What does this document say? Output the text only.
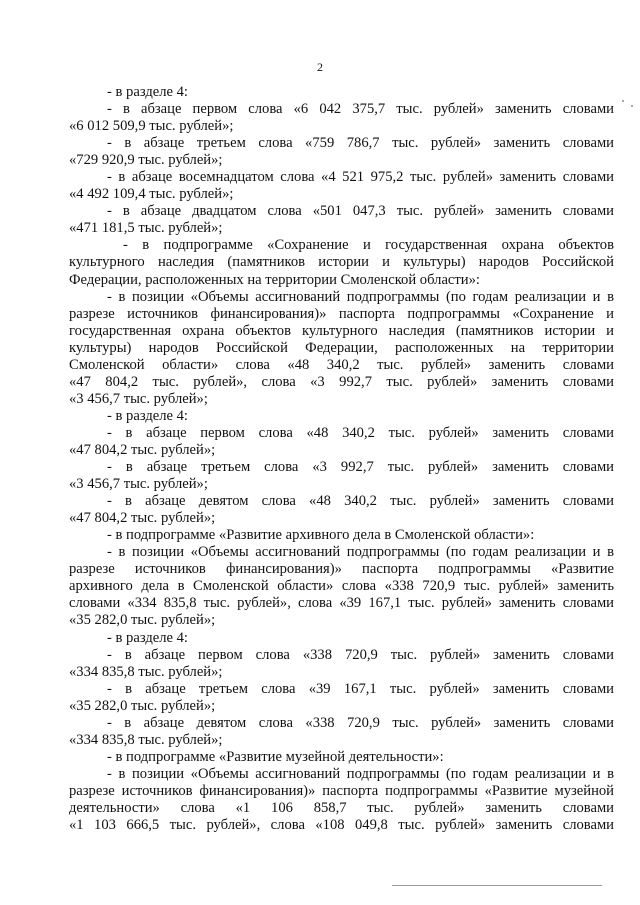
2
- в разделе 4:
- в абзаце первом слова «6 042 375,7 тыс. рублей» заменить словами
«6 012 509,9 тыс. рублей»;
- в абзаце третьем слова «759 786,7 тыс. рублей» заменить словами
«729 920,9 тыс. рублей»;
- в абзаце восемнадцатом слова «4 521 975,2 тыс. рублей» заменить словами
«4 492 109,4 тыс. рублей»;
- в абзаце двадцатом слова «501 047,3 тыс. рублей» заменить словами
«471 181,5 тыс. рублей»;
- в подпрограмме «Сохранение и государственная охрана объектов
культурного наследия (памятников истории и культуры) народов Российской
Федерации, расположенных на территории Смоленской области»:
- в позиции «Объемы ассигнований подпрограммы (по годам реализации и в
разрезе источников финансирования)» паспорта подпрограммы «Сохранение и
государственная охрана объектов культурного наследия (памятников истории и
культуры) народов Российской Федерации, расположенных на территории
Смоленской области» слова «48 340,2 тыс. рублей» заменить словами
«47 804,2 тыс. рублей», слова «3 992,7 тыс. рублей» заменить словами
«3 456,7 тыс. рублей»;
- в разделе 4:
- в абзаце первом слова «48 340,2 тыс. рублей» заменить словами
«47 804,2 тыс. рублей»;
- в абзаце третьем слова «3 992,7 тыс. рублей» заменить словами
«3 456,7 тыс. рублей»;
- в абзаце девятом слова «48 340,2 тыс. рублей» заменить словами
«47 804,2 тыс. рублей»;
- в подпрограмме «Развитие архивного дела в Смоленской области»:
- в позиции «Объемы ассигнований подпрограммы (по годам реализации и в
разрезе источников финансирования)» паспорта подпрограммы «Развитие
архивного дела в Смоленской области» слова «338 720,9 тыс. рублей» заменить
словами «334 835,8 тыс. рублей», слова «39 167,1 тыс. рублей» заменить словами
«35 282,0 тыс. рублей»;
- в разделе 4:
- в абзаце первом слова «338 720,9 тыс. рублей» заменить словами
«334 835,8 тыс. рублей»;
- в абзаце третьем слова «39 167,1 тыс. рублей» заменить словами
«35 282,0 тыс. рублей»;
- в абзаце девятом слова «338 720,9 тыс. рублей» заменить словами
«334 835,8 тыс. рублей»;
- в подпрограмме «Развитие музейной деятельности»:
- в позиции «Объемы ассигнований подпрограммы (по годам реализации и в
разрезе источников финансирования)» паспорта подпрограммы «Развитие музейной
деятельности» слова «1 106 858,7 тыс. рублей» заменить словами
«1 103 666,5 тыс. рублей», слова «108 049,8 тыс. рублей» заменить словами
